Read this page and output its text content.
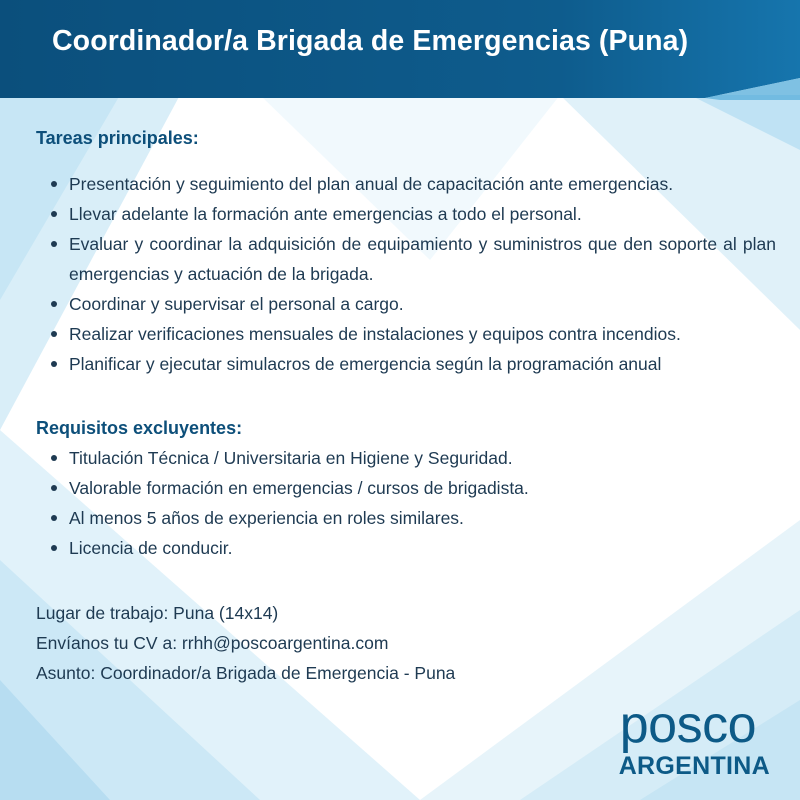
Coordinador/a Brigada de Emergencias (Puna)
Tareas principales:
Presentación y seguimiento del plan anual de capacitación ante emergencias.
Llevar adelante la formación ante emergencias a todo el personal.
Evaluar y coordinar la adquisición de equipamiento y suministros que den soporte al plan emergencias y actuación de la brigada.
Coordinar y supervisar el personal a cargo.
Realizar verificaciones mensuales de instalaciones y equipos contra incendios.
Planificar y ejecutar simulacros de emergencia según la programación anual
Requisitos excluyentes:
Titulación Técnica / Universitaria en Higiene y Seguridad.
Valorable formación en emergencias / cursos de brigadista.
Al menos 5 años de experiencia en roles similares.
Licencia de conducir.

Lugar de trabajo: Puna (14x14)

Envíanos tu CV a: rrhh@poscoargentina.com

Asunto: Coordinador/a Brigada de Emergencia - Puna

posco
ARGENTINA
